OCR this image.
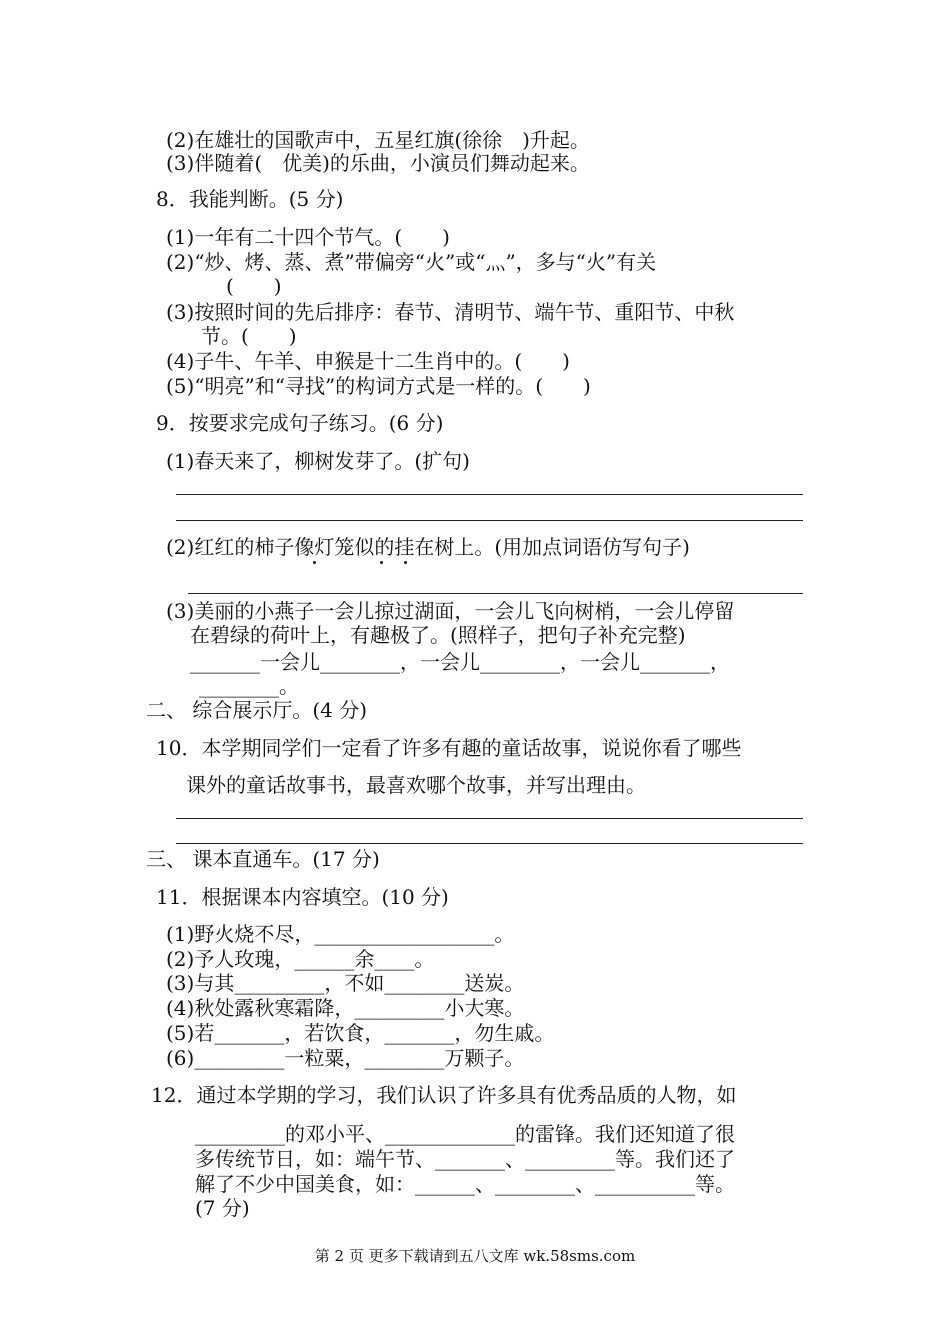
(2)在雄壮的国歌声中，五星红旗(徐徐　)升起。
(3)伴随着(　优美)的乐曲，小演员们舞动起来。
8．我能判断。(5 分)
(1)一年有二十四个节气。(　　)
(2)“炒、烤、蒸、煮”带偏旁“火”或“灬”，多与“火”有关
(　　)
(3)按照时间的先后排序：春节、清明节、端午节、重阳节、中秋
节。(　　)
(4)子牛、午羊、申猴是十二生肖中的。(　　)
(5)“明亮”和“寻找”的构词方式是一样的。(　　)
9．按要求完成句子练习。(6 分)
(1)春天来了，柳树发芽了。(扩句)
(2)红红的柿子像灯笼似的挂在树上。(用加点词语仿写句子)
(3)美丽的小燕子一会儿掠过湖面，一会儿飞向树梢，一会儿停留
在碧绿的荷叶上，有趣极了。(照样子，把句子补充完整)
_______一会儿________，一会儿________，一会儿_______，
________。
二、 综合展示厅。(4 分)
10．本学期同学们一定看了许多有趣的童话故事，说说你看了哪些
课外的童话故事书，最喜欢哪个故事，并写出理由。
三、 课本直通车。(17 分)
11．根据课本内容填空。(10 分)
(1)野火烧不尽，__________________。
(2)予人玫瑰，______余____。
(3)与其_________，不如________送炭。
(4)秋处露秋寒霜降，_________小大寒。
(5)若_______，若饮食，_______，勿生戚。
(6)_________一粒粟，________万颗子。
12．通过本学期的学习，我们认识了许多具有优秀品质的人物，如
_________的邓小平、_____________的雷锋。我们还知道了很
多传统节日，如：端午节、_______、_________等。我们还了
解了不少中国美食，如：______、________、__________等。
(7 分)
第 2 页 更多下载请到五八文库 wk.58sms.com
